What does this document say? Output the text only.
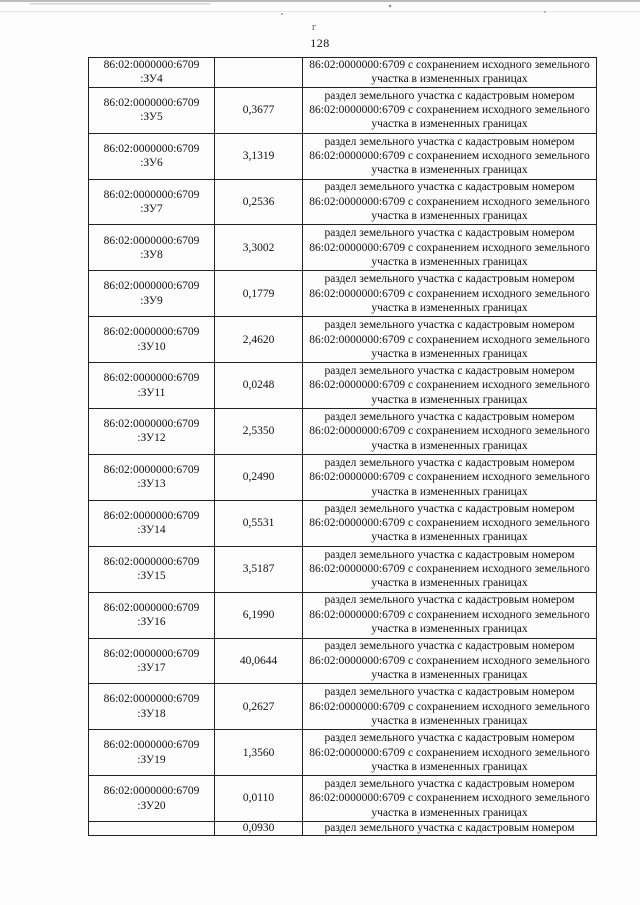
г
128
86:02:0000000:6709
:ЗУ4		86:02:0000000:6709 с сохранением исходного земельного участка в измененных границах

86:02:0000000:6709
:ЗУ5	0,3677	раздел земельного участка с кадастровым номером 86:02:0000000:6709 с сохранением исходного земельного участка в измененных границах

86:02:0000000:6709
:ЗУ6	3,1319	раздел земельного участка с кадастровым номером 86:02:0000000:6709 с сохранением исходного земельного участка в измененных границах

86:02:0000000:6709
:ЗУ7	0,2536	раздел земельного участка с кадастровым номером 86:02:0000000:6709 с сохранением исходного земельного участка в измененных границах

86:02:0000000:6709
:ЗУ8	3,3002	раздел земельного участка с кадастровым номером 86:02:0000000:6709 с сохранением исходного земельного участка в измененных границах

86:02:0000000:6709
:ЗУ9	0,1779	раздел земельного участка с кадастровым номером 86:02:0000000:6709 с сохранением исходного земельного участка в измененных границах

86:02:0000000:6709
:ЗУ10	2,4620	раздел земельного участка с кадастровым номером 86:02:0000000:6709 с сохранением исходного земельного участка в измененных границах

86:02:0000000:6709
:ЗУ11	0,0248	раздел земельного участка с кадастровым номером 86:02:0000000:6709 с сохранением исходного земельного участка в измененных границах

86:02:0000000:6709
:ЗУ12	2,5350	раздел земельного участка с кадастровым номером 86:02:0000000:6709 с сохранением исходного земельного участка в измененных границах

86:02:0000000:6709
:ЗУ13	0,2490	раздел земельного участка с кадастровым номером 86:02:0000000:6709 с сохранением исходного земельного участка в измененных границах

86:02:0000000:6709
:ЗУ14	0,5531	раздел земельного участка с кадастровым номером 86:02:0000000:6709 с сохранением исходного земельного участка в измененных границах

86:02:0000000:6709
:ЗУ15	3,5187	раздел земельного участка с кадастровым номером 86:02:0000000:6709 с сохранением исходного земельного участка в измененных границах

86:02:0000000:6709
:ЗУ16	6,1990	раздел земельного участка с кадастровым номером 86:02:0000000:6709 с сохранением исходного земельного участка в измененных границах

86:02:0000000:6709
:ЗУ17	40,0644	раздел земельного участка с кадастровым номером 86:02:0000000:6709 с сохранением исходного земельного участка в измененных границах

86:02:0000000:6709
:ЗУ18	0,2627	раздел земельного участка с кадастровым номером 86:02:0000000:6709 с сохранением исходного земельного участка в измененных границах

86:02:0000000:6709
:ЗУ19	1,3560	раздел земельного участка с кадастровым номером 86:02:0000000:6709 с сохранением исходного земельного участка в измененных границах

86:02:0000000:6709
:ЗУ20	0,0110	раздел земельного участка с кадастровым номером 86:02:0000000:6709 с сохранением исходного земельного участка в измененных границах

	0,0930	раздел земельного участка с кадастровым номером
